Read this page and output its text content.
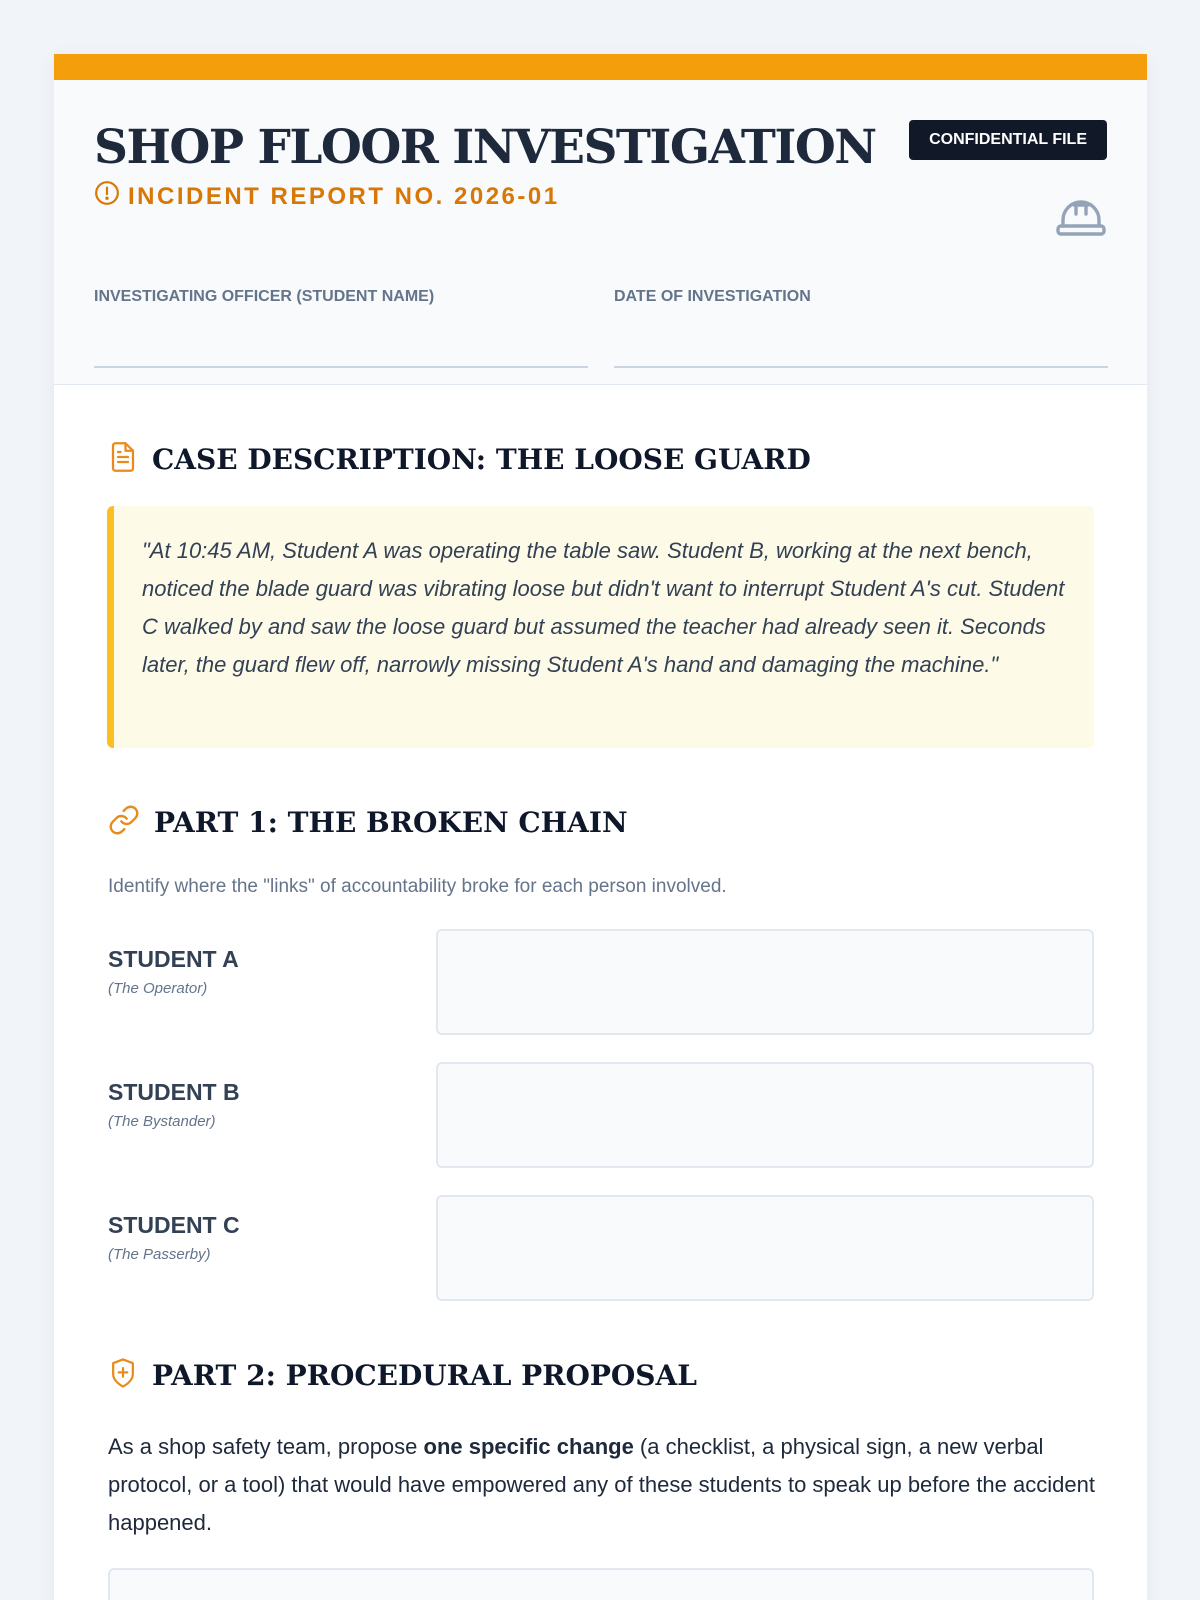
SHOP FLOOR INVESTIGATION
INCIDENT REPORT NO. 2026-01
CONFIDENTIAL FILE
INVESTIGATING OFFICER (STUDENT NAME)	DATE OF INVESTIGATION
CASE DESCRIPTION: THE LOOSE GUARD
"At 10:45 AM, Student A was operating the table saw. Student B, working at the next bench, noticed the blade guard was vibrating loose but didn't want to interrupt Student A's cut. Student C walked by and saw the loose guard but assumed the teacher had already seen it. Seconds later, the guard flew off, narrowly missing Student A's hand and damaging the machine."
PART 1: THE BROKEN CHAIN
Identify where the "links" of accountability broke for each person involved.
STUDENT A
(The Operator)
STUDENT B
(The Bystander)
STUDENT C
(The Passerby)
PART 2: PROCEDURAL PROPOSAL

As a shop safety team, propose one specific change (a checklist, a physical sign, a new verbal protocol, or a tool) that would have empowered any of these students to speak up before the accident happened.
